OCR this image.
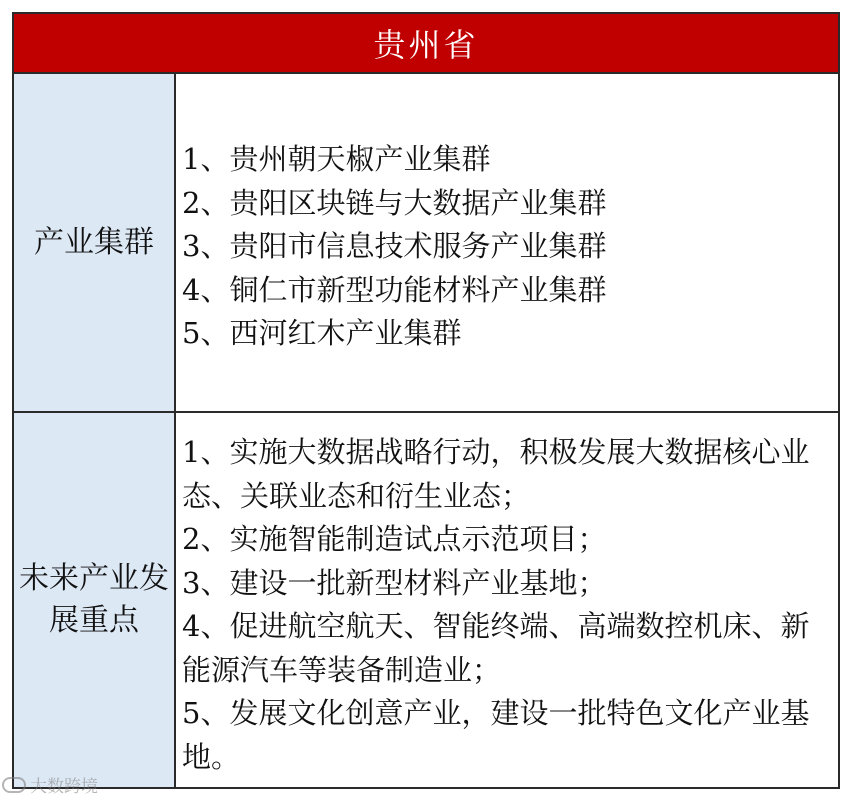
贵州省
产业集群

1、贵州朝天椒产业集群

2、贵阳区块链与大数据产业集群

3、贵阳市信息技术服务产业集群

4、铜仁市新型功能材料产业集群

5、西河红木产业集群

未来产业发展重点

1、实施大数据战略行动，积极发展大数据核心业态、关联业态和衍生业态；

2、实施智能制造试点示范项目；

3、建设一批新型材料产业基地；

4、促进航空航天、智能终端、高端数控机床、新能源汽车等装备制造业；

5、发展文化创意产业，建设一批特色文化产业基地。

大数跨境
